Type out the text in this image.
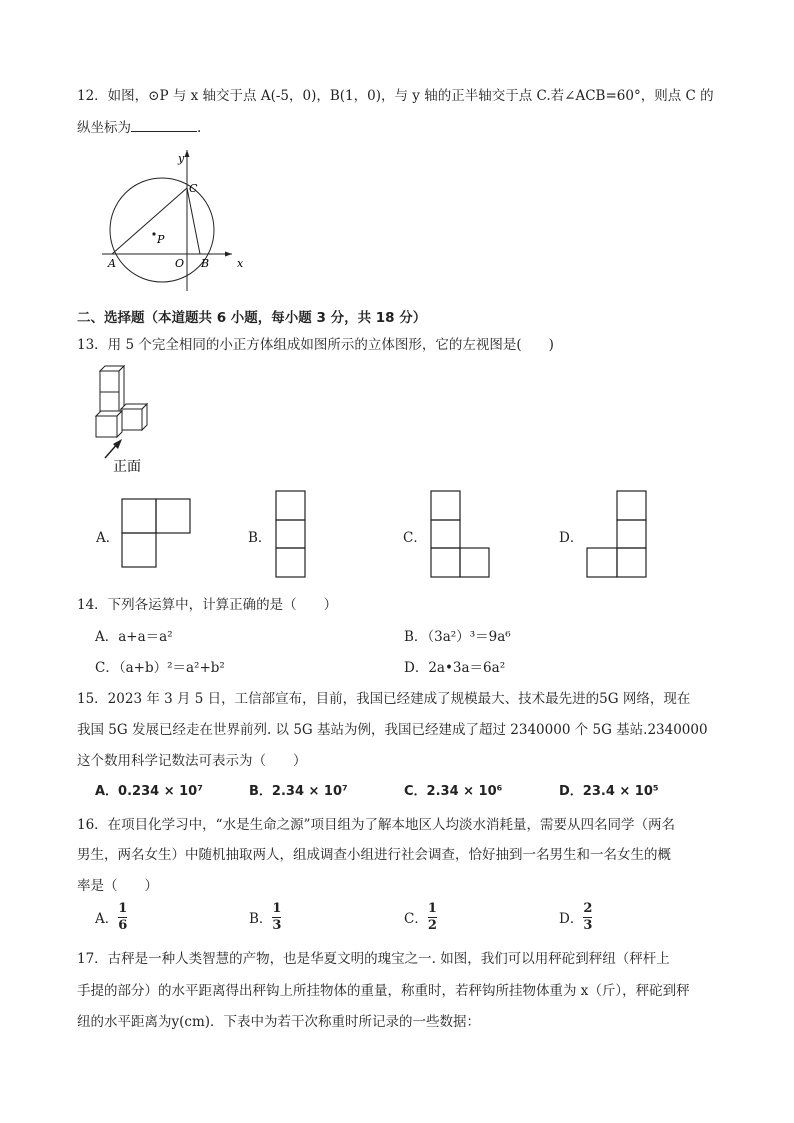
12．如图，⊙P 与 x 轴交于点 A(-5，0)，B(1，0)，与 y 轴的正半轴交于点 C.若∠ACB=60°，则点 C 的
纵坐标为	.
y
x
C
P
A	O B
二、选择题（本道题共 6 小题，每小题 3 分，共 18 分）
13．用 5 个完全相同的小正方体组成如图所示的立体图形，它的左视图是(　　)
正面
A．	B．	C．	D．
14．下列各运算中，计算正确的是（　　）
A．a+a＝a²	B．（3a²）³＝9a⁶
C．（a+b）²＝a²+b²	D．2a•3a＝6a²
15．2023 年 3 月 5 日，工信部宣布，目前，我国已经建成了规模最大、技术最先进的5G 网络，现在
我国 5G 发展已经走在世界前列. 以 5G 基站为例，我国已经建成了超过 2340000 个 5G 基站.2340000
这个数用科学记数法可表示为（　　）
A．0.234 × 10⁷	B．2.34 × 10⁷	C．2.34 × 10⁶	D．23.4 × 10⁵
16．在项目化学习中，“水是生命之源”项目组为了解本地区人均淡水消耗量，需要从四名同学（两名
男生，两名女生）中随机抽取两人，组成调查小组进行社会调查，恰好抽到一名男生和一名女生的概
率是（　　）
A． $\frac{1}{6}$	B． $\frac{1}{3}$	C． $\frac{1}{2}$	D． $\frac{2}{3}$
17．古秤是一种人类智慧的产物，也是华夏文明的瑰宝之一. 如图，我们可以用秤砣到秤纽（秤杆上
手提的部分）的水平距离得出秤钩上所挂物体的重量，称重时，若秤钩所挂物体重为 x（斤），秤砣到秤
纽的水平距离为y(cm)．下表中为若干次称重时所记录的一些数据：
